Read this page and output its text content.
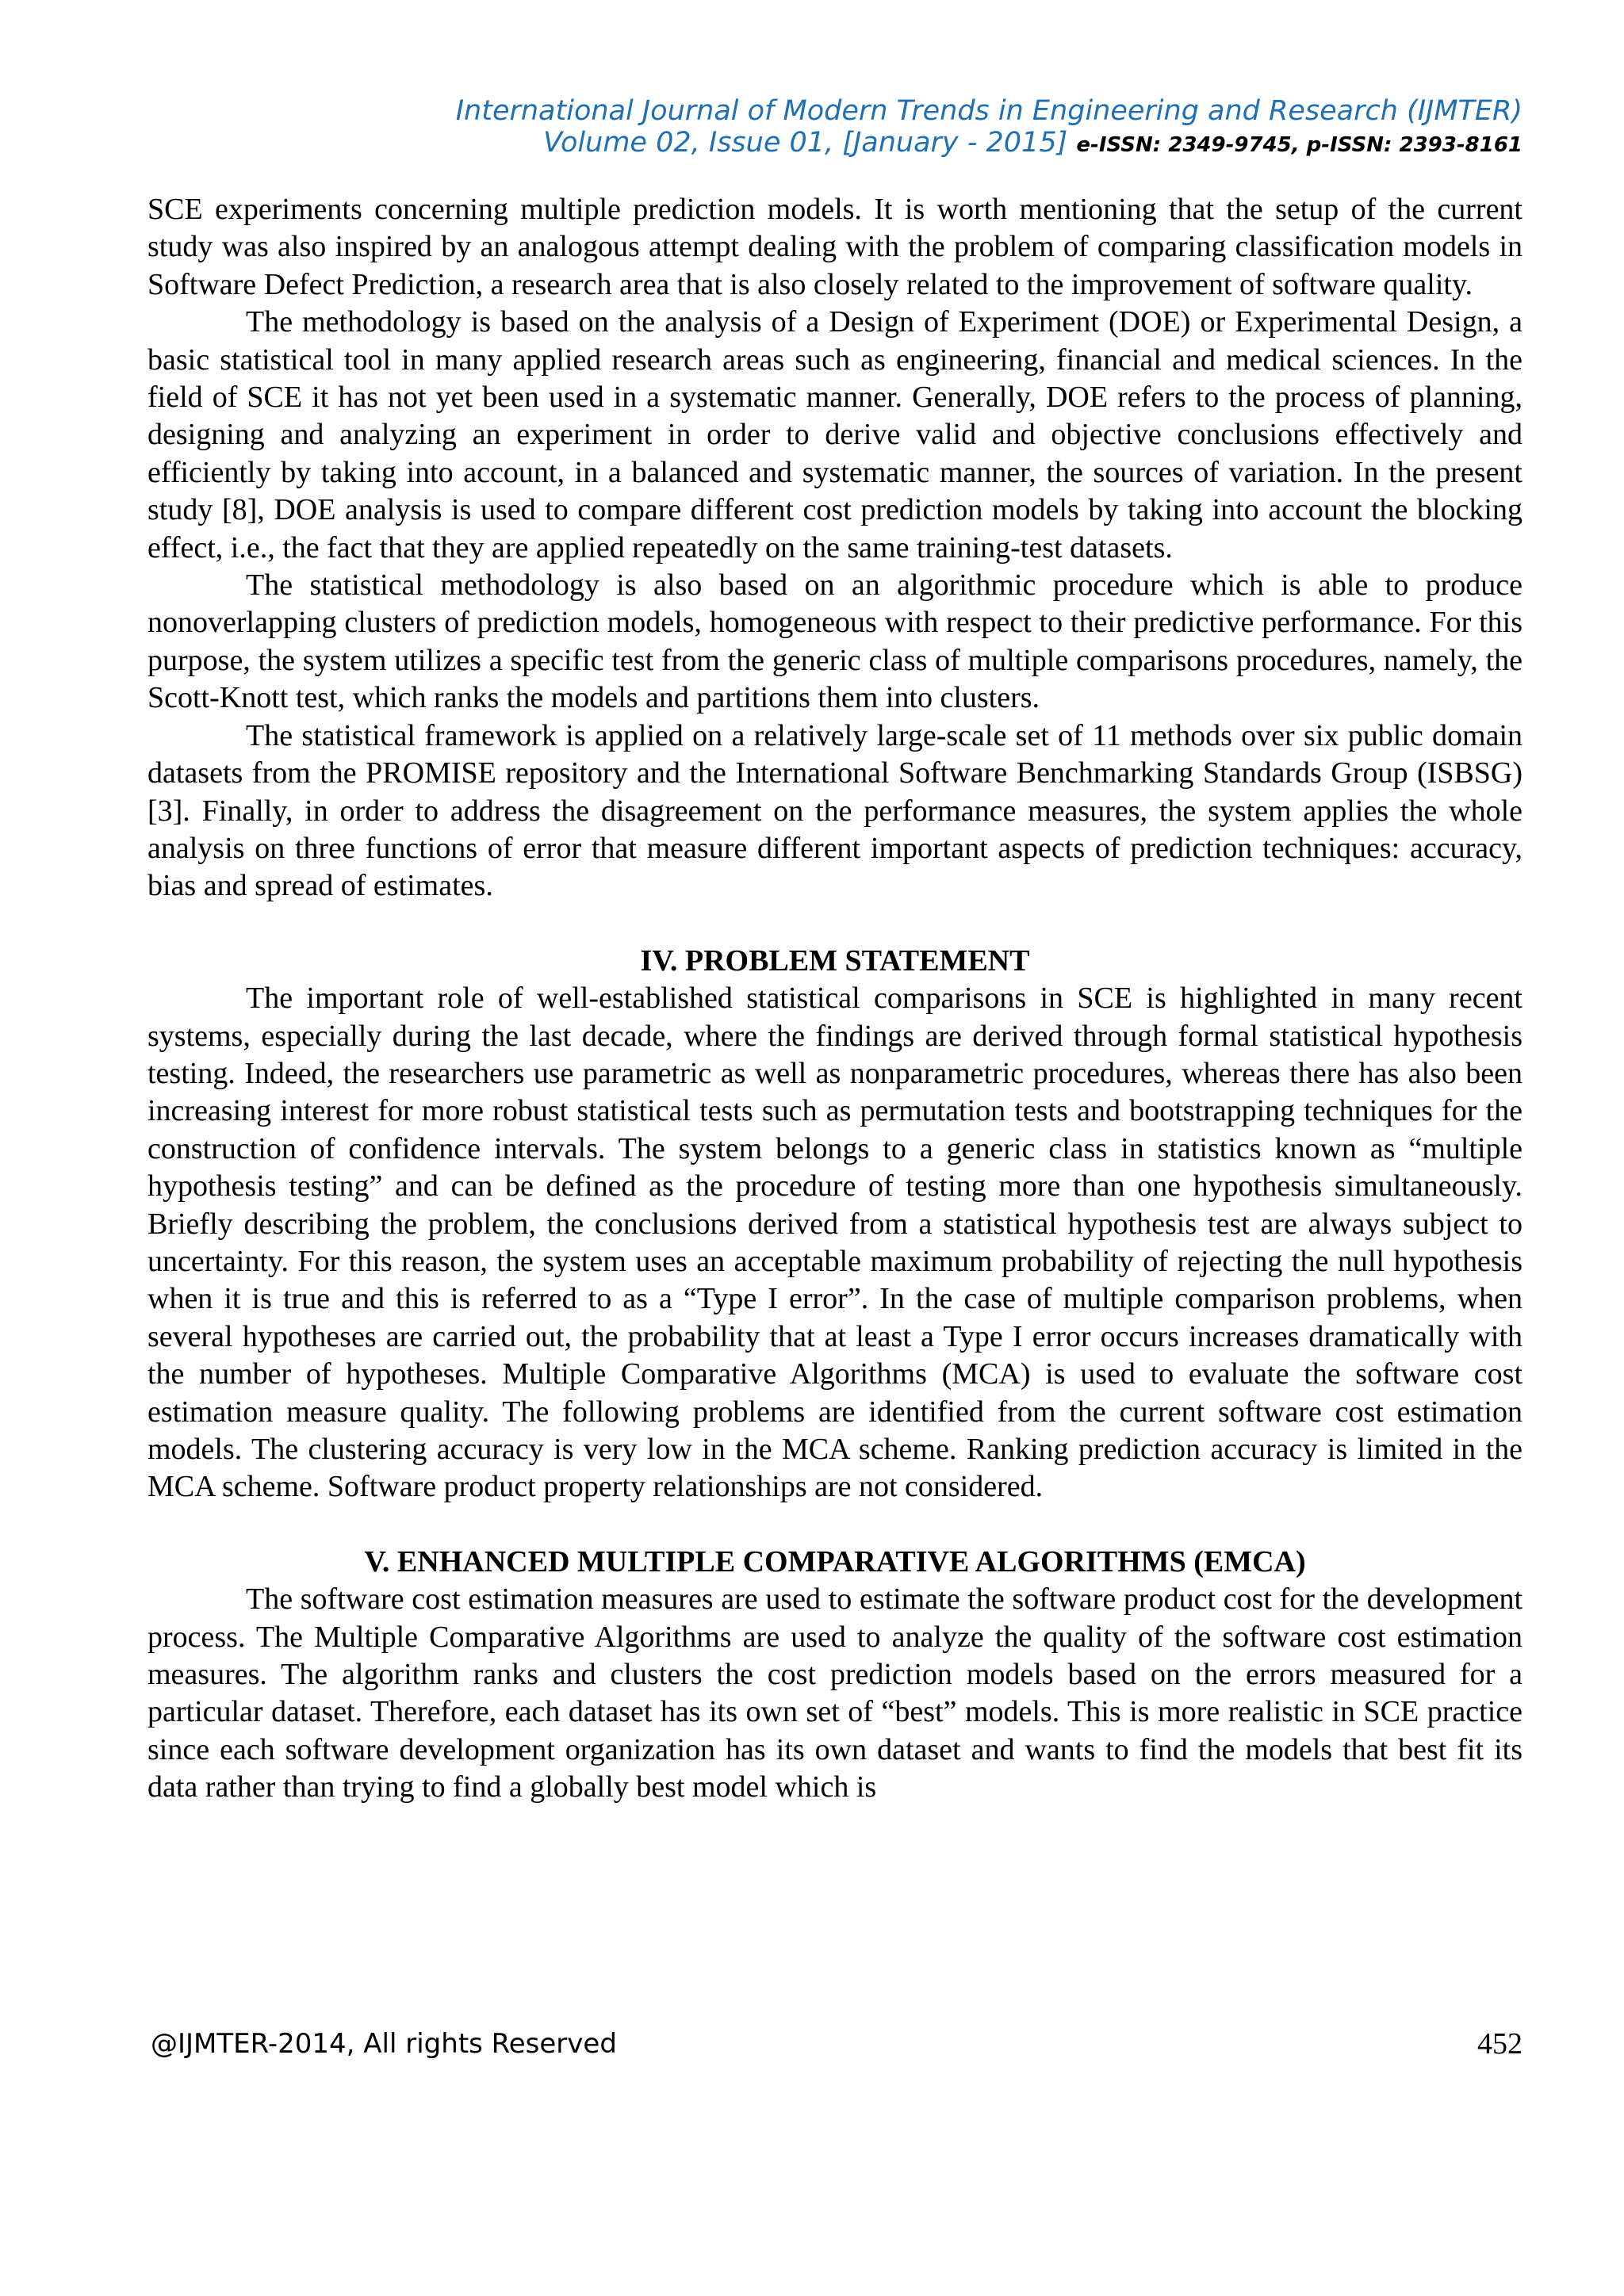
International Journal of Modern Trends in Engineering and Research (IJMTER)
Volume 02, Issue 01, [January - 2015] e-ISSN: 2349-9745, p-ISSN: 2393-8161

SCE experiments concerning multiple prediction models. It is worth mentioning that the setup of the current study was also inspired by an analogous attempt dealing with the problem of comparing classification models in Software Defect Prediction, a research area that is also closely related to the improvement of software quality.

The methodology is based on the analysis of a Design of Experiment (DOE) or Experimental Design, a basic statistical tool in many applied research areas such as engineering, financial and medical sciences. In the field of SCE it has not yet been used in a systematic manner. Generally, DOE refers to the process of planning, designing and analyzing an experiment in order to derive valid and objective conclusions effectively and efficiently by taking into account, in a balanced and systematic manner, the sources of variation. In the present study [8], DOE analysis is used to compare different cost prediction models by taking into account the blocking effect, i.e., the fact that they are applied repeatedly on the same training-test datasets.

The statistical methodology is also based on an algorithmic procedure which is able to produce nonoverlapping clusters of prediction models, homogeneous with respect to their predictive performance. For this purpose, the system utilizes a specific test from the generic class of multiple comparisons procedures, namely, the Scott-Knott test, which ranks the models and partitions them into clusters.

The statistical framework is applied on a relatively large-scale set of 11 methods over six public domain datasets from the PROMISE repository and the International Software Benchmarking Standards Group (ISBSG) [3]. Finally, in order to address the disagreement on the performance measures, the system applies the whole analysis on three functions of error that measure different important aspects of prediction techniques: accuracy, bias and spread of estimates.

IV. PROBLEM STATEMENT

The important role of well-established statistical comparisons in SCE is highlighted in many recent systems, especially during the last decade, where the findings are derived through formal statistical hypothesis testing. Indeed, the researchers use parametric as well as nonparametric procedures, whereas there has also been increasing interest for more robust statistical tests such as permutation tests and bootstrapping techniques for the construction of confidence intervals. The system belongs to a generic class in statistics known as “multiple hypothesis testing” and can be defined as the procedure of testing more than one hypothesis simultaneously. Briefly describing the problem, the conclusions derived from a statistical hypothesis test are always subject to uncertainty. For this reason, the system uses an acceptable maximum probability of rejecting the null hypothesis when it is true and this is referred to as a “Type I error”. In the case of multiple comparison problems, when several hypotheses are carried out, the probability that at least a Type I error occurs increases dramatically with the number of hypotheses. Multiple Comparative Algorithms (MCA) is used to evaluate the software cost estimation measure quality. The following problems are identified from the current software cost estimation models. The clustering accuracy is very low in the MCA scheme. Ranking prediction accuracy is limited in the MCA scheme. Software product property relationships are not considered.

V. ENHANCED MULTIPLE COMPARATIVE ALGORITHMS (EMCA)

The software cost estimation measures are used to estimate the software product cost for the development process. The Multiple Comparative Algorithms are used to analyze the quality of the software cost estimation measures. The algorithm ranks and clusters the cost prediction models based on the errors measured for a particular dataset. Therefore, each dataset has its own set of “best” models. This is more realistic in SCE practice since each software development organization has its own dataset and wants to find the models that best fit its data rather than trying to find a globally best model which is

@IJMTER-2014, All rights Reserved	452
